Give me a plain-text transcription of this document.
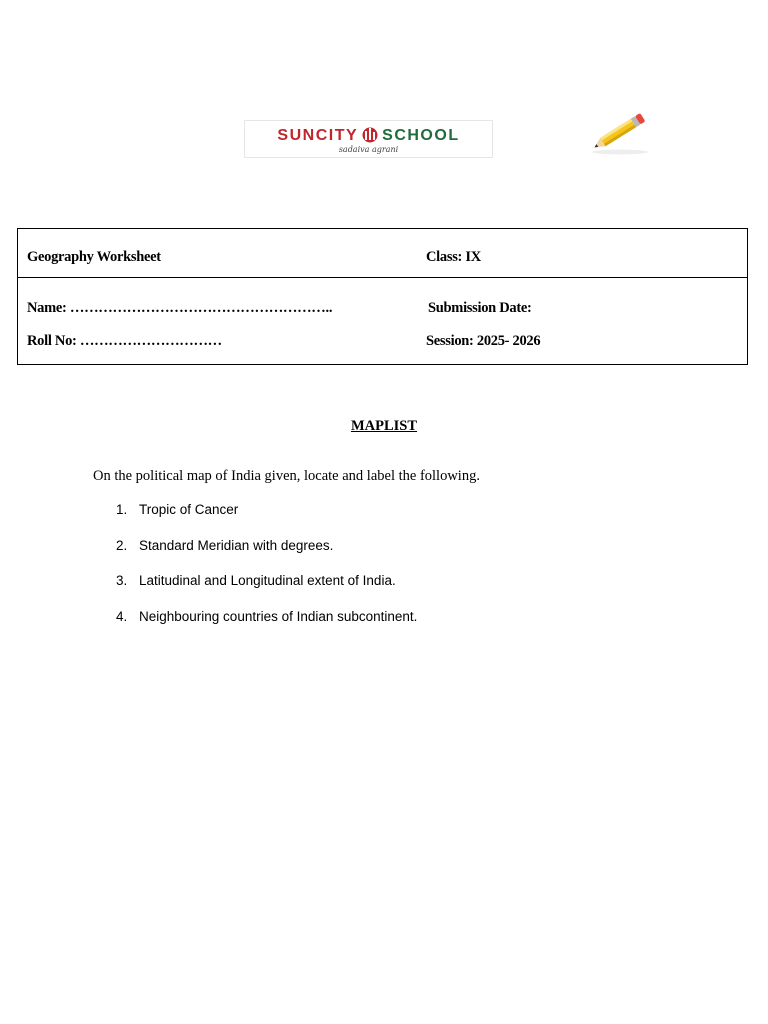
SUNCITY SCHOOL
sadaiva agrani
Geography Worksheet	Class: IX
Name: ………………………………………………..	Submission Date:
Roll No: …………………………	Session: 2025- 2026
MAPLIST
On the political map of India given, locate and label the following.
1. Tropic of Cancer
2. Standard Meridian with degrees.
3. Latitudinal and Longitudinal extent of India.
4. Neighbouring countries of Indian subcontinent.
